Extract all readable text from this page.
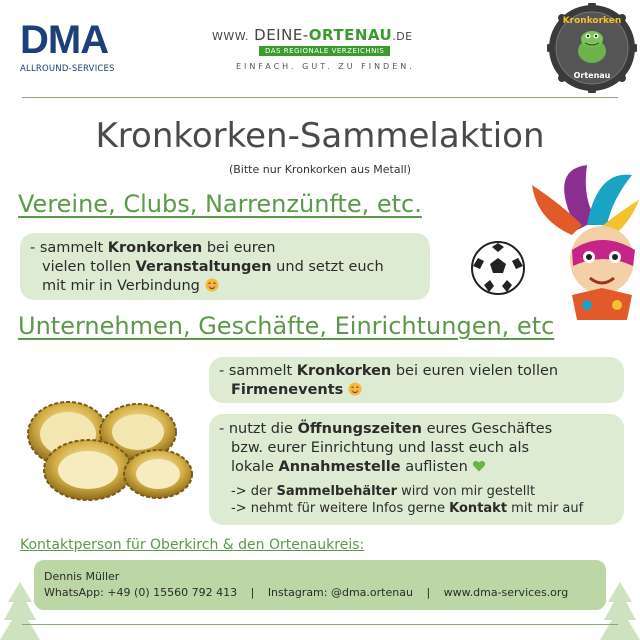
DMA
ALLROUND-SERVICES
WWW. DEINE-ORTENAU.DE
DAS REGIONALE VERZEICHNIS
EINFACH. GUT. ZU FINDEN.
Kronkorken
Ortenau
Kronkorken-Sammelaktion
(Bitte nur Kronkorken aus Metall)
Vereine, Clubs, Narrenzünfte, etc.
- sammelt Kronkorken bei euren
vielen tollen Veranstaltungen und setzt euch
mit mir in Verbindung
Unternehmen, Geschäfte, Einrichtungen, etc
- sammelt Kronkorken bei euren vielen tollen
Firmenevents
- nutzt die Öffnungszeiten eures Geschäftes
bzw. eurer Einrichtung und lasst euch als
lokale Annahmestelle auflisten
-> der Sammelbehälter wird von mir gestellt
-> nehmt für weitere Infos gerne Kontakt mit mir auf
Kontaktperson für Oberkirch & den Ortenaukreis:
Dennis Müller
WhatsApp: +49 (0) 15560 792 413 | Instagram: @dma.ortenau | www.dma-services.org
